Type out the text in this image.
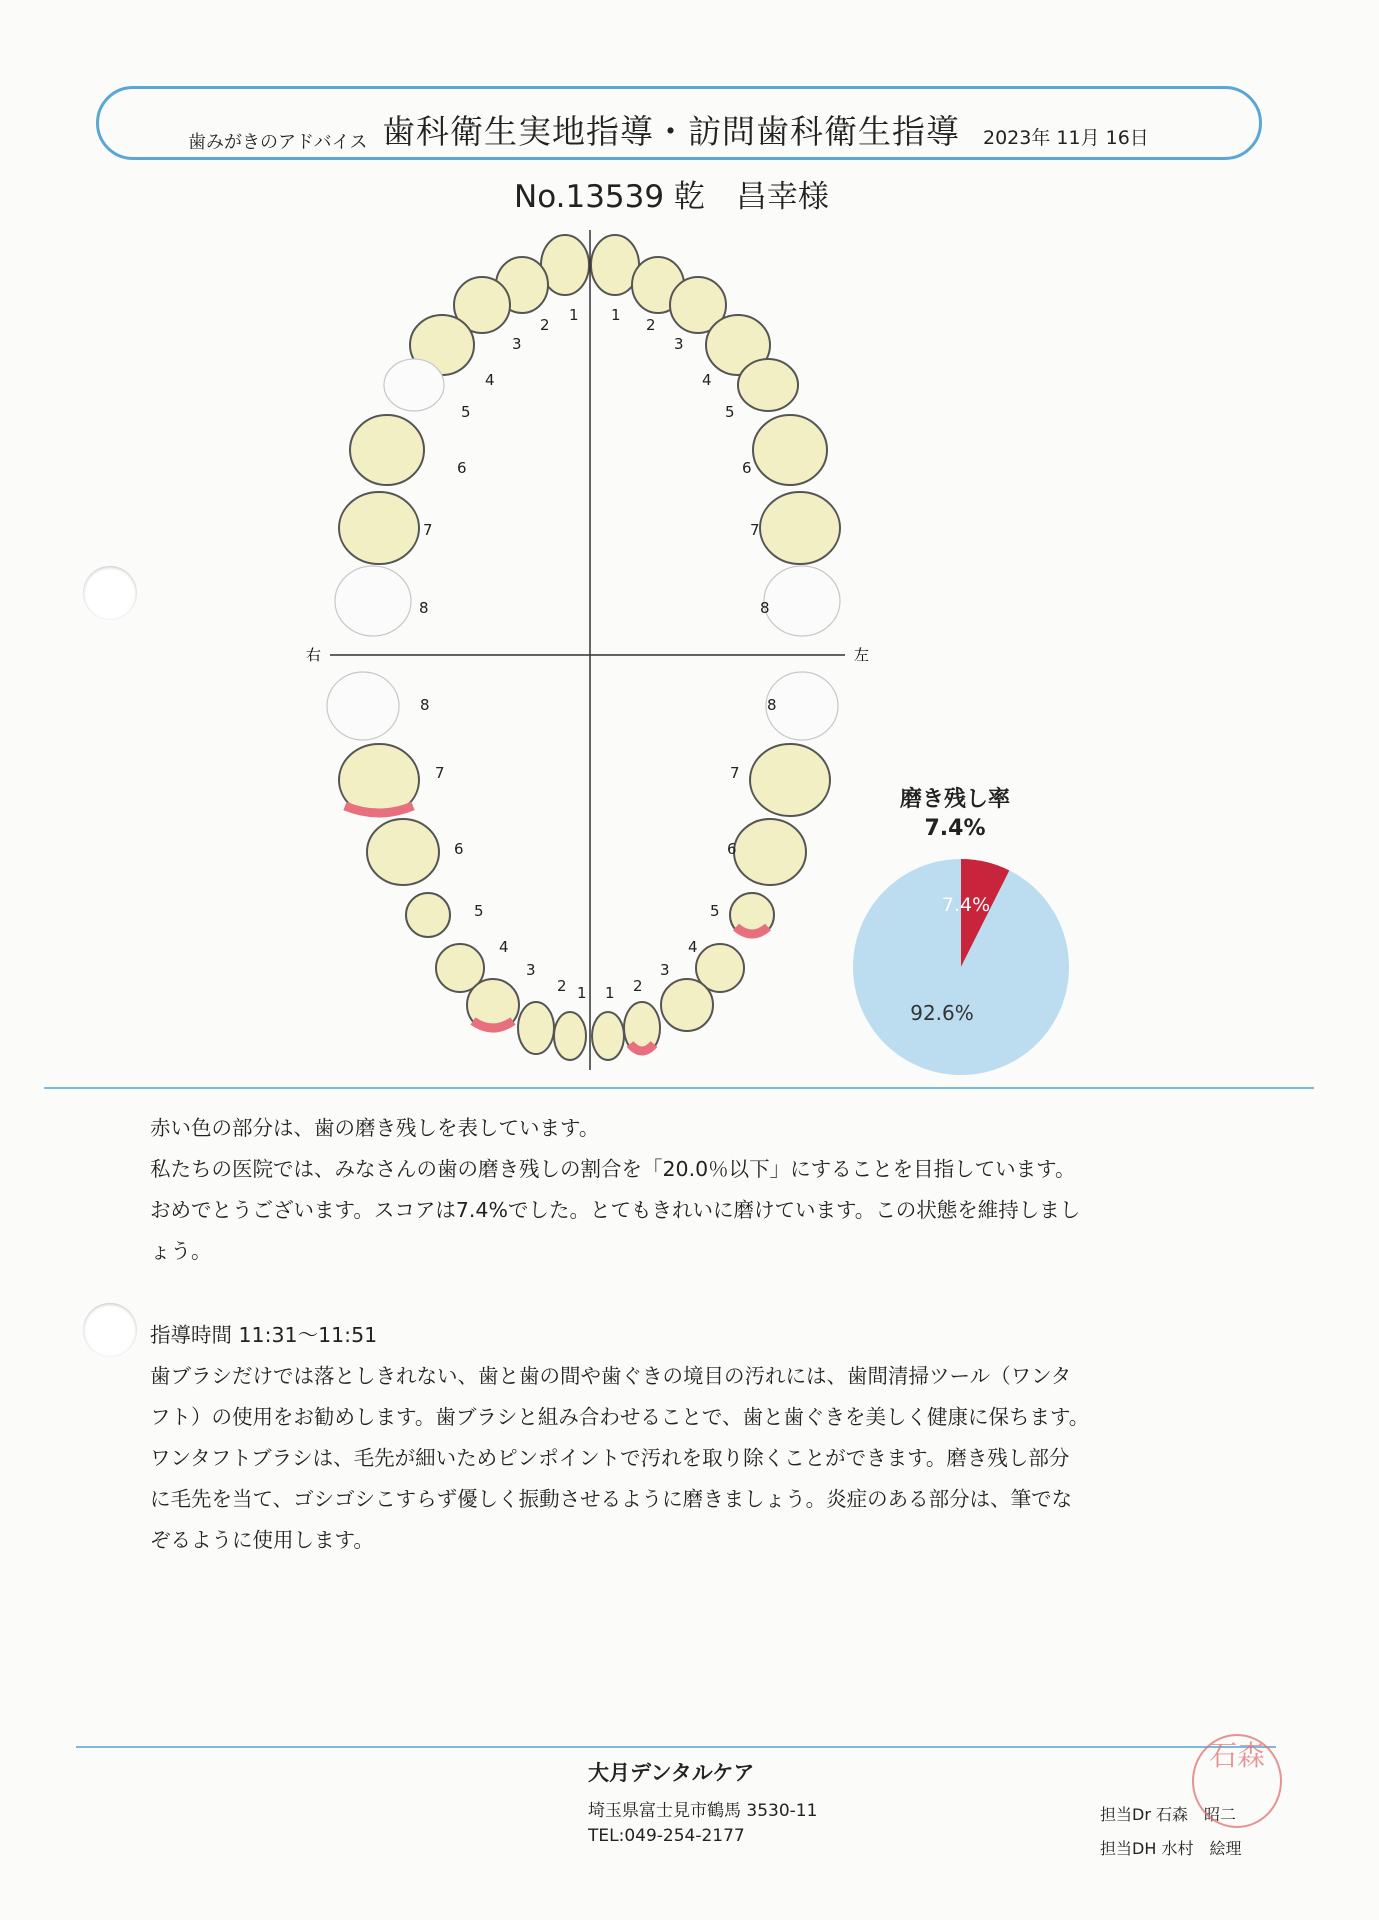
歯みがきのアドバイス 歯科衛生実地指導・訪問歯科衛生指導 2023年 11月 16日
No.13539 乾　昌幸様
1
2
3
4
5
6
7
8
1
2
3
4
5
6
7
8
8
7
6
5
4
3
2 1
8
7
6
5
4
3
2
1
右	左
7.4%
92.6%
磨き残し率
7.4%
赤い色の部分は、歯の磨き残しを表しています。
私たちの医院では、みなさんの歯の磨き残しの割合を「20.0％以下」にすることを目指しています。
おめでとうございます。スコアは7.4%でした。とてもきれいに磨けています。この状態を維持しまし
ょう。
指導時間 11:31～11:51
歯ブラシだけでは落としきれない、歯と歯の間や歯ぐきの境目の汚れには、歯間清掃ツール（ワンタ
フト）の使用をお勧めします。歯ブラシと組み合わせることで、歯と歯ぐきを美しく健康に保ちます。
ワンタフトブラシは、毛先が細いためピンポイントで汚れを取り除くことができます。磨き残し部分
に毛先を当て、ゴシゴシこすらず優しく振動させるように磨きましょう。炎症のある部分は、筆でな
ぞるように使用します。
大月デンタルケア
埼玉県富士見市鶴馬 3530-11
TEL:049-254-2177
担当Dr 石森　昭二
担当DH 水村　絵理
石森
